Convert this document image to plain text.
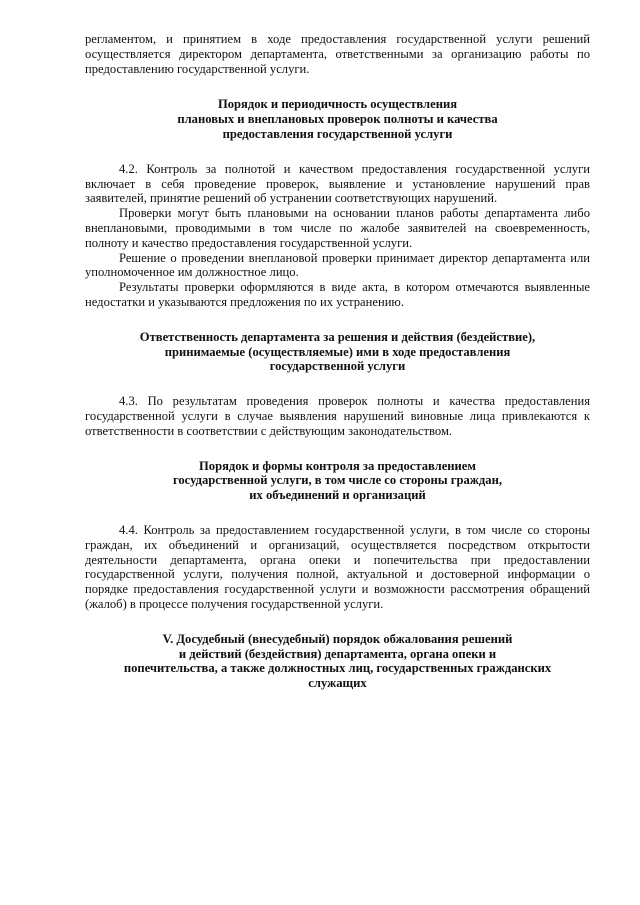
регламентом, и принятием в ходе предоставления государственной услуги решений осуществляется директором департамента, ответственными за организацию работы по предоставлению государственной услуги.

Порядок и периодичность осуществления
плановых и внеплановых проверок полноты и качества
предоставления государственной услуги

4.2. Контроль за полнотой и качеством предоставления государственной услуги включает в себя проведение проверок, выявление и установление нарушений прав заявителей, принятие решений об устранении соответствующих нарушений.

Проверки могут быть плановыми на основании планов работы департамента либо внеплановыми, проводимыми в том числе по жалобе заявителей на своевременность, полноту и качество предоставления государственной услуги.

Решение о проведении внеплановой проверки принимает директор департамента или уполномоченное им должностное лицо.

Результаты проверки оформляются в виде акта, в котором отмечаются выявленные недостатки и указываются предложения по их устранению.

Ответственность департамента за решения и действия (бездействие),
принимаемые (осуществляемые) ими в ходе предоставления
государственной услуги

4.3. По результатам проведения проверок полноты и качества предоставления государственной услуги в случае выявления нарушений виновные лица привлекаются к ответственности в соответствии с действующим законодательством.

Порядок и формы контроля за предоставлением
государственной услуги, в том числе со стороны граждан,
их объединений и организаций

4.4. Контроль за предоставлением государственной услуги, в том числе со стороны граждан, их объединений и организаций, осуществляется посредством открытости деятельности департамента, органа опеки и попечительства при предоставлении государственной услуги, получения полной, актуальной и достоверной информации о порядке предоставления государственной услуги и возможности рассмотрения обращений (жалоб) в процессе получения государственной услуги.

V. Досудебный (внесудебный) порядок обжалования решений
и действий (бездействия) департамента, органа опеки и
попечительства, а также должностных лиц, государственных гражданских
служащих
